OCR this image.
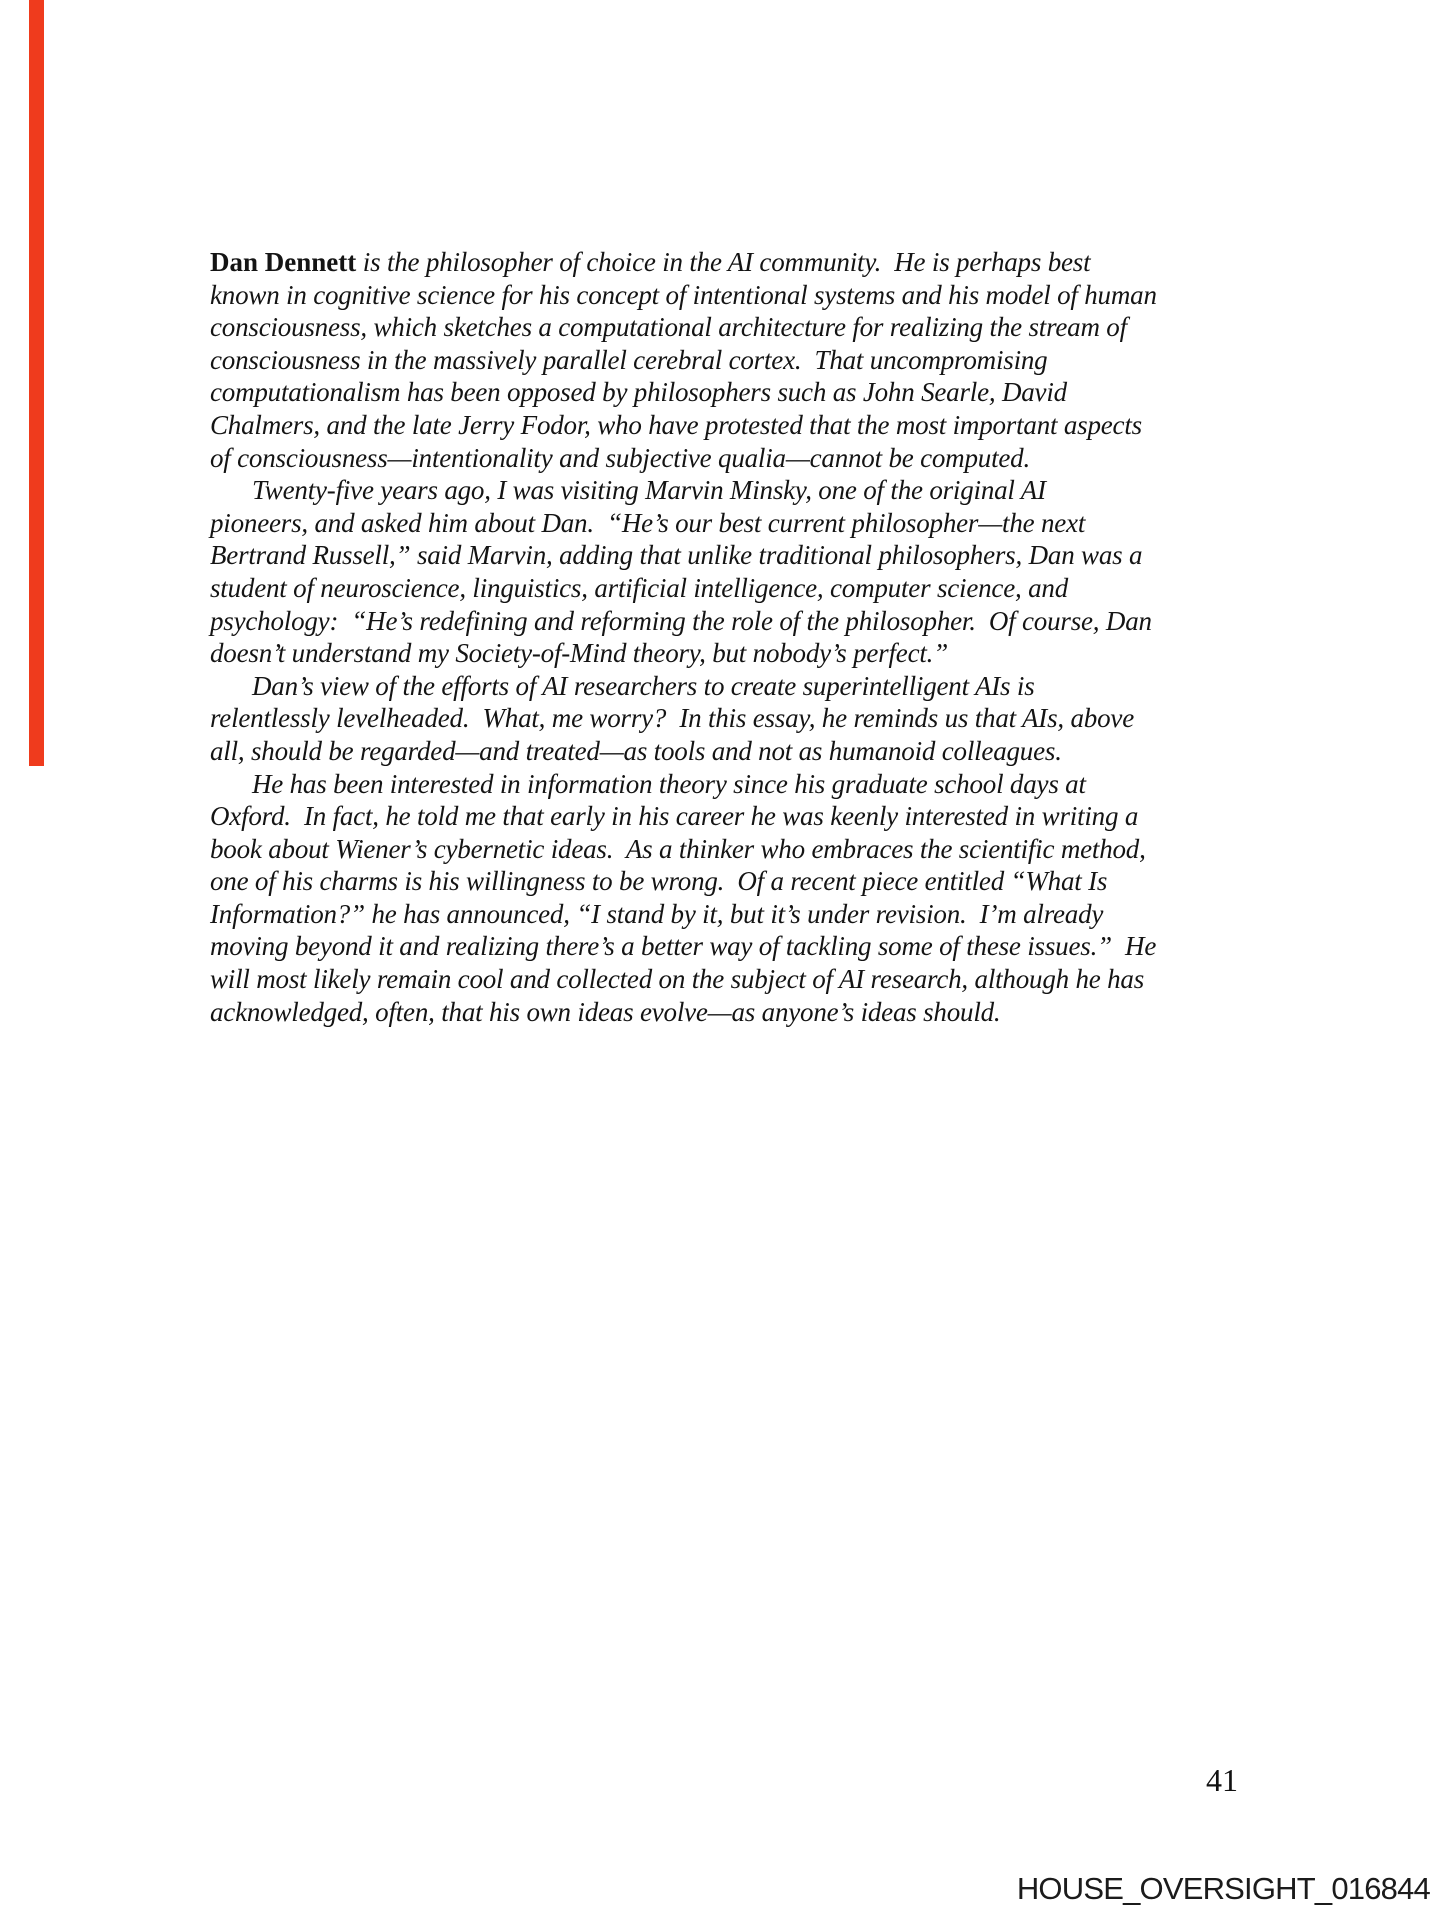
Dan Dennett is the philosopher of choice in the AI community.  He is perhaps best
known in cognitive science for his concept of intentional systems and his model of human
consciousness, which sketches a computational architecture for realizing the stream of
consciousness in the massively parallel cerebral cortex.  That uncompromising
computationalism has been opposed by philosophers such as John Searle, David
Chalmers, and the late Jerry Fodor, who have protested that the most important aspects
of consciousness—intentionality and subjective qualia—cannot be computed.
Twenty-five years ago, I was visiting Marvin Minsky, one of the original AI
pioneers, and asked him about Dan.  “He’s our best current philosopher—the next
Bertrand Russell,” said Marvin, adding that unlike traditional philosophers, Dan was a
student of neuroscience, linguistics, artificial intelligence, computer science, and
psychology:  “He’s redefining and reforming the role of the philosopher.  Of course, Dan
doesn’t understand my Society-of-Mind theory, but nobody’s perfect.”
Dan’s view of the efforts of AI researchers to create superintelligent AIs is
relentlessly levelheaded.  What, me worry?  In this essay, he reminds us that AIs, above
all, should be regarded—and treated—as tools and not as humanoid colleagues.
He has been interested in information theory since his graduate school days at
Oxford.  In fact, he told me that early in his career he was keenly interested in writing a
book about Wiener’s cybernetic ideas.  As a thinker who embraces the scientific method,
one of his charms is his willingness to be wrong.  Of a recent piece entitled “What Is
Information?” he has announced, “I stand by it, but it’s under revision.  I’m already
moving beyond it and realizing there’s a better way of tackling some of these issues.”  He
will most likely remain cool and collected on the subject of AI research, although he has
acknowledged, often, that his own ideas evolve—as anyone’s ideas should.
41
HOUSE_OVERSIGHT_016844
